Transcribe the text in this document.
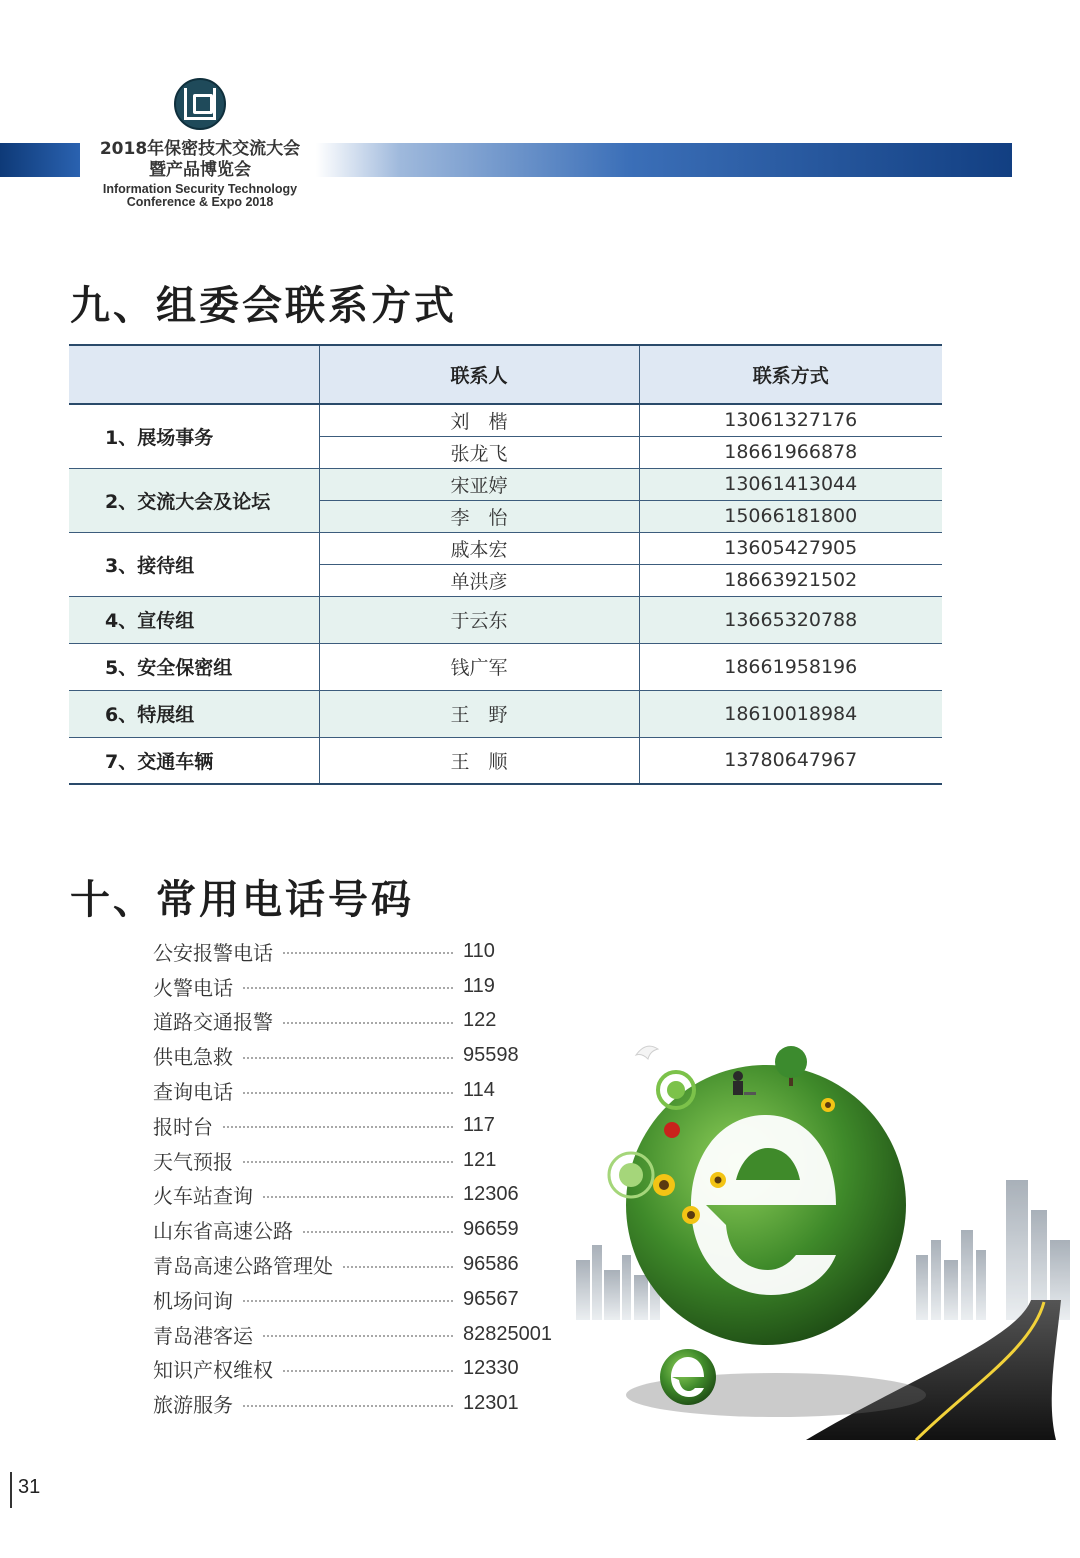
2018年保密技术交流大会
暨产品博览会
Information Security Technology
Conference & Expo 2018
九、组委会联系方式
	联系人	联系方式
1、展场事务	刘　楷	13061327176
	张龙飞	18661966878
2、交流大会及论坛	宋亚婷	13061413044
	李　怡	15066181800
3、接待组	戚本宏	13605427905
	单洪彦	18663921502
4、宣传组	于云东	13665320788
5、安全保密组	钱广军	18661958196
6、特展组	王　野	18610018984
7、交通车辆	王　顺	13780647967
十、常用电话号码
公安报警电话	110
火警电话	119
道路交通报警	122
供电急救	95598
查询电话	114
报时台	117
天气预报	121
火车站查询	12306
山东省高速公路	96659
青岛高速公路管理处	96586
机场问询	96567
青岛港客运	82825001
知识产权维权	12330
旅游服务	12301
31
